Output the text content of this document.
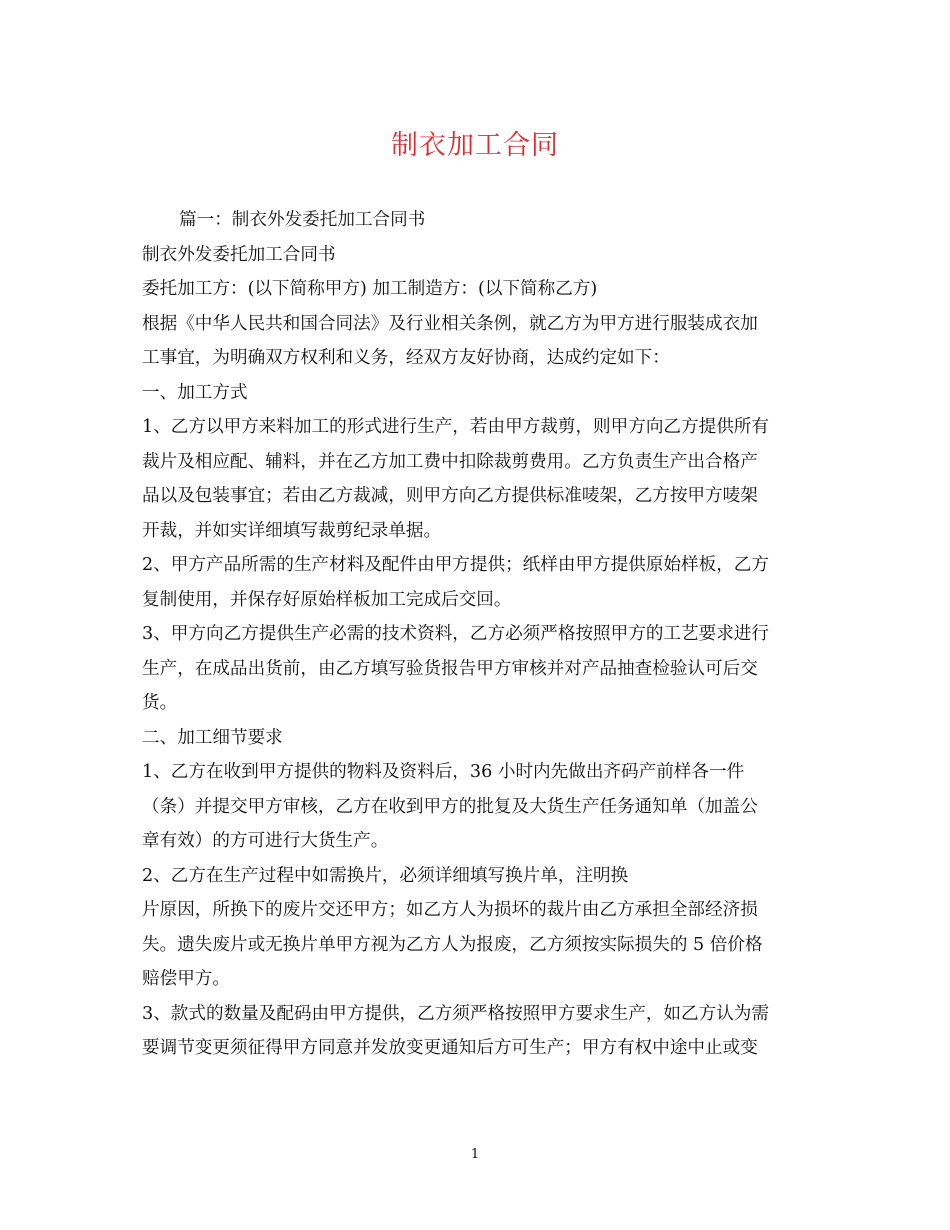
制衣加工合同

篇一：制衣外发委托加工合同书

制衣外发委托加工合同书

委托加工方：(以下简称甲方) 加工制造方：(以下简称乙方)

根据《中华人民共和国合同法》及行业相关条例，就乙方为甲方进行服装成衣加

工事宜，为明确双方权利和义务，经双方友好协商，达成约定如下：

一、加工方式

1、乙方以甲方来料加工的形式进行生产，若由甲方裁剪，则甲方向乙方提供所有

裁片及相应配、辅料，并在乙方加工费中扣除裁剪费用。乙方负责生产出合格产

品以及包装事宜；若由乙方裁减，则甲方向乙方提供标准唛架，乙方按甲方唛架

开裁，并如实详细填写裁剪纪录单据。

2、甲方产品所需的生产材料及配件由甲方提供；纸样由甲方提供原始样板，乙方

复制使用，并保存好原始样板加工完成后交回。

3、甲方向乙方提供生产必需的技术资料，乙方必须严格按照甲方的工艺要求进行

生产，在成品出货前，由乙方填写验货报告甲方审核并对产品抽查检验认可后交

货。

二、加工细节要求

1、乙方在收到甲方提供的物料及资料后，36 小时内先做出齐码产前样各一件

（条）并提交甲方审核，乙方在收到甲方的批复及大货生产任务通知单（加盖公

章有效）的方可进行大货生产。

2、乙方在生产过程中如需换片，必须详细填写换片单，注明换

片原因，所换下的废片交还甲方；如乙方人为损坏的裁片由乙方承担全部经济损

失。遗失废片或无换片单甲方视为乙方人为报废，乙方须按实际损失的 5 倍价格

赔偿甲方。

3、款式的数量及配码由甲方提供，乙方须严格按照甲方要求生产，如乙方认为需

要调节变更须征得甲方同意并发放变更通知后方可生产；甲方有权中途中止或变

1
